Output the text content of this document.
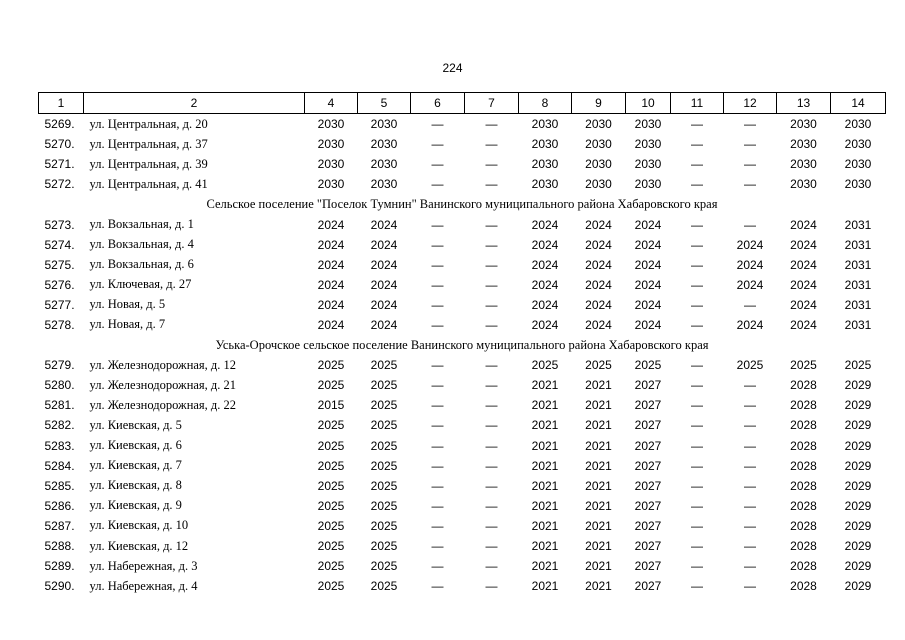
224
1	2	4	5	6	7	8	9	10	11	12	13	14
5269.	ул. Центральная, д. 20	2030	2030	—	—	2030	2030	2030	—	—	2030	2030
5270.	ул. Центральная, д. 37	2030	2030	—	—	2030	2030	2030	—	—	2030	2030
5271.	ул. Центральная, д. 39	2030	2030	—	—	2030	2030	2030	—	—	2030	2030
5272.	ул. Центральная, д. 41	2030	2030	—	—	2030	2030	2030	—	—	2030	2030
Сельское поселение "Поселок Тумнин" Ванинского муниципального района Хабаровского края												
5273.	ул. Вокзальная, д. 1	2024	2024	—	—	2024	2024	2024	—	—	2024	2031
5274.	ул. Вокзальная, д. 4	2024	2024	—	—	2024	2024	2024	—	2024	2024	2031
5275.	ул. Вокзальная, д. 6	2024	2024	—	—	2024	2024	2024	—	2024	2024	2031
5276.	ул. Ключевая, д. 27	2024	2024	—	—	2024	2024	2024	—	2024	2024	2031
5277.	ул. Новая, д. 5	2024	2024	—	—	2024	2024	2024	—	—	2024	2031
5278.	ул. Новая, д. 7	2024	2024	—	—	2024	2024	2024	—	2024	2024	2031
Уська-Орочское сельское поселение Ванинского муниципального района Хабаровского края												
5279.	ул. Железнодорожная, д. 12	2025	2025	—	—	2025	2025	2025	—	2025	2025	2025
5280.	ул. Железнодорожная, д. 21	2025	2025	—	—	2021	2021	2027	—	—	2028	2029
5281.	ул. Железнодорожная, д. 22	2015	2025	—	—	2021	2021	2027	—	—	2028	2029
5282.	ул. Киевская, д. 5	2025	2025	—	—	2021	2021	2027	—	—	2028	2029
5283.	ул. Киевская, д. 6	2025	2025	—	—	2021	2021	2027	—	—	2028	2029
5284.	ул. Киевская, д. 7	2025	2025	—	—	2021	2021	2027	—	—	2028	2029
5285.	ул. Киевская, д. 8	2025	2025	—	—	2021	2021	2027	—	—	2028	2029
5286.	ул. Киевская, д. 9	2025	2025	—	—	2021	2021	2027	—	—	2028	2029
5287.	ул. Киевская, д. 10	2025	2025	—	—	2021	2021	2027	—	—	2028	2029
5288.	ул. Киевская, д. 12	2025	2025	—	—	2021	2021	2027	—	—	2028	2029
5289.	ул. Набережная, д. 3	2025	2025	—	—	2021	2021	2027	—	—	2028	2029
5290.	ул. Набережная, д. 4	2025	2025	—	—	2021	2021	2027	—	—	2028	2029
